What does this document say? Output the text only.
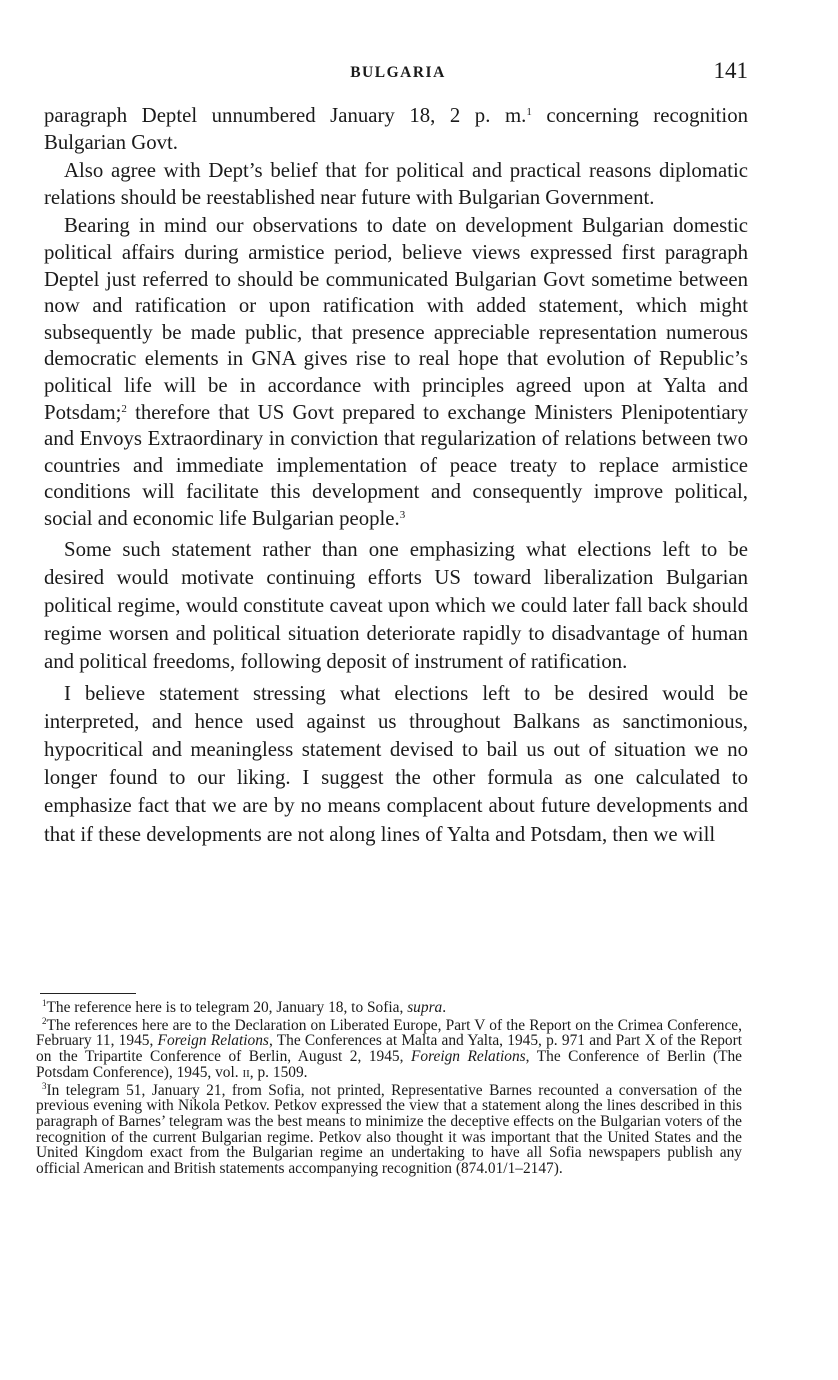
BULGARIA	141

paragraph Deptel unnumbered January 18, 2 p. m.$^1$ concerning recognition Bulgarian Govt.

Also agree with Dept’s belief that for political and practical reasons diplomatic relations should be reestablished near future with Bulgarian Government.

Bearing in mind our observations to date on development Bulgarian domestic political affairs during armistice period, believe views expressed first paragraph Deptel just referred to should be communicated Bulgarian Govt sometime between now and ratification or upon ratification with added statement, which might subsequently be made public, that presence appreciable representation numerous democratic elements in GNA gives rise to real hope that evolution of Republic’s political life will be in accordance with principles agreed upon at Yalta and Potsdam;$^2$ therefore that US Govt prepared to exchange Ministers Plenipotentiary and Envoys Extraordinary in conviction that regularization of relations between two countries and immediate implementation of peace treaty to replace armistice conditions will facilitate this development and consequently improve political, social and economic life Bulgarian people.$^3$

Some such statement rather than one emphasizing what elections left to be desired would motivate continuing efforts US toward liberalization Bulgarian political regime, would constitute caveat upon which we could later fall back should regime worsen and political situation deteriorate rapidly to disadvantage of human and political freedoms, following deposit of instrument of ratification.

I believe statement stressing what elections left to be desired would be interpreted, and hence used against us throughout Balkans as sanctimonious, hypocritical and meaningless statement devised to bail us out of situation we no longer found to our liking. I suggest the other formula as one calculated to emphasize fact that we are by no means complacent about future developments and that if these developments are not along lines of Yalta and Potsdam, then we will

$^1$The reference here is to telegram 20, January 18, to Sofia, supra.

$^2$The references here are to the Declaration on Liberated Europe, Part V of the Report on the Crimea Conference, February 11, 1945, Foreign Relations, The Conferences at Malta and Yalta, 1945, p. 971 and Part X of the Report on the Tripartite Conference of Berlin, August 2, 1945, Foreign Relations, The Conference of Berlin (The Potsdam Conference), 1945, vol. ii, p. 1509.

$^3$In telegram 51, January 21, from Sofia, not printed, Representative Barnes recounted a conversation of the previous evening with Nikola Petkov. Petkov expressed the view that a statement along the lines described in this paragraph of Barnes’ telegram was the best means to minimize the deceptive effects on the Bulgarian voters of the recognition of the current Bulgarian regime. Petkov also thought it was important that the United States and the United Kingdom exact from the Bulgarian regime an undertaking to have all Sofia newspapers publish any official American and British statements accompanying recognition (874.01/1–2147).
